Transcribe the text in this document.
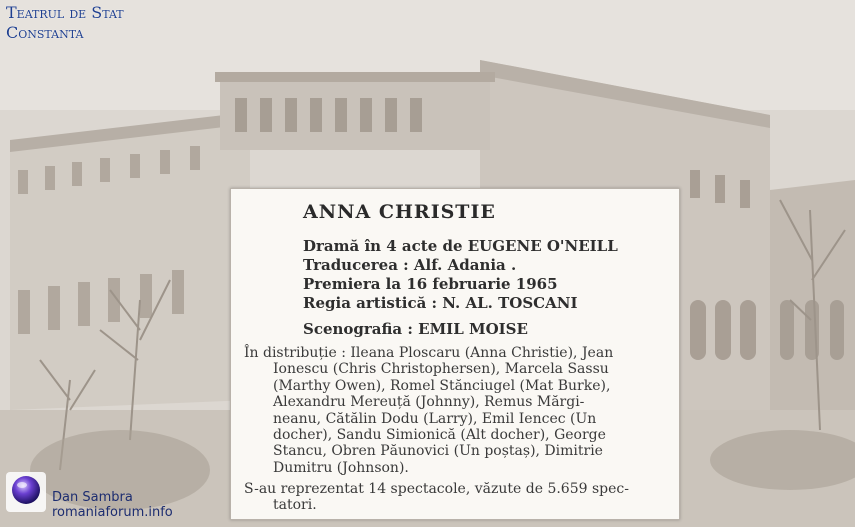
Teatrul de Stat
Constanta
ANNA CHRISTIE
Dramă în 4 acte de EUGENE O'NEILL
Traducerea : Alf. Adania .
Premiera la 16 februarie 1965
Regia artistică : N. AL. TOSCANI
Scenografia : EMIL MOISE
În distribuție : Ileana Ploscaru (Anna Christie), Jean
Ionescu (Chris Christophersen), Marcela Sassu
(Marthy Owen), Romel Stănciugel (Mat Burke),
Alexandru Mereuță (Johnny), Remus Mărgi-
neanu, Cătălin Dodu (Larry), Emil Iencec (Un
docher), Sandu Simionică (Alt docher), George
Stancu, Obren Păunovici (Un poștaș), Dimitrie
Dumitru (Johnson).
S-au reprezentat 14 spectacole, văzute de 5.659 spec-
tatori.
Dan Sambra
romaniaforum.info
